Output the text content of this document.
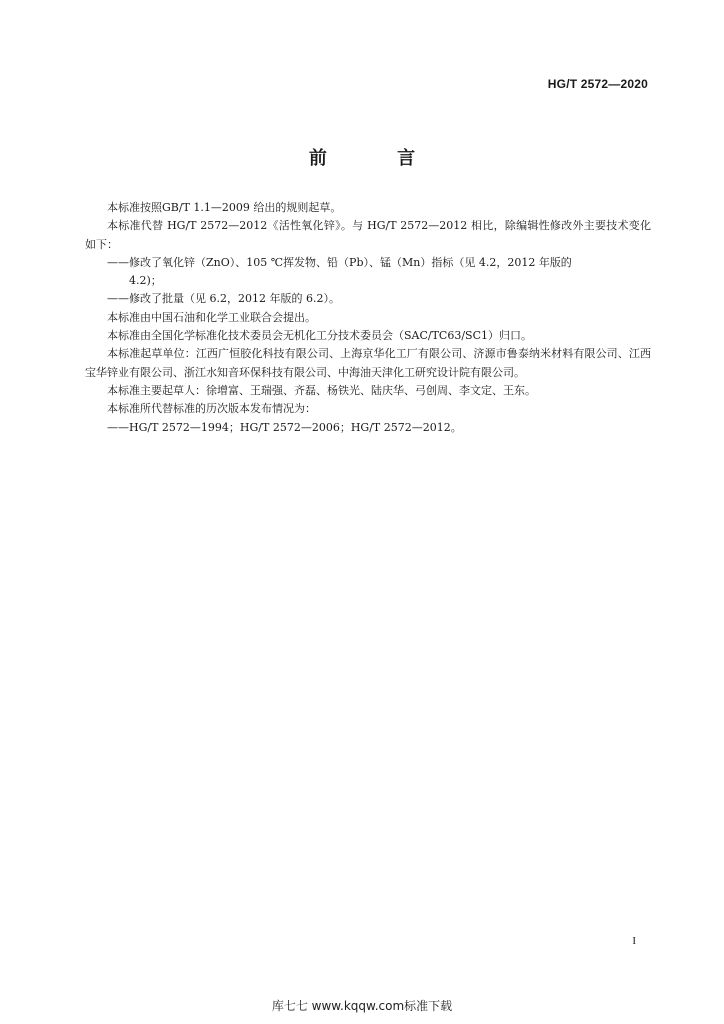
HG/T 2572—2020
前 言

本标准按照GB/T 1.1—2009 给出的规则起草。

本标准代替 HG/T 2572—2012《活性氧化锌》。与 HG/T 2572—2012 相比，除编辑性修改外主要技术变化如下：

——修改了氧化锌（ZnO）、105 ℃挥发物、铅（Pb）、锰（Mn）指标（见 4.2，2012 年版的

4.2)；

——修改了批量（见 6.2，2012 年版的 6.2）。

本标准由中国石油和化学工业联合会提出。

本标准由全国化学标准化技术委员会无机化工分技术委员会（SAC/TC63/SC1）归口。

本标准起草单位：江西广恒胶化科技有限公司、上海京华化工厂有限公司、济源市鲁泰纳米材料有限公司、江西宝华锌业有限公司、浙江水知音环保科技有限公司、中海油天津化工研究设计院有限公司。

本标准主要起草人：徐增富、王瑞强、齐磊、杨铁光、陆庆华、弓创周、李文定、王东。

本标准所代替标准的历次版本发布情况为：

——HG/T 2572—1994；HG/T 2572—2006；HG/T 2572—2012。

I
库七七 www.kqqw.com标准下载
